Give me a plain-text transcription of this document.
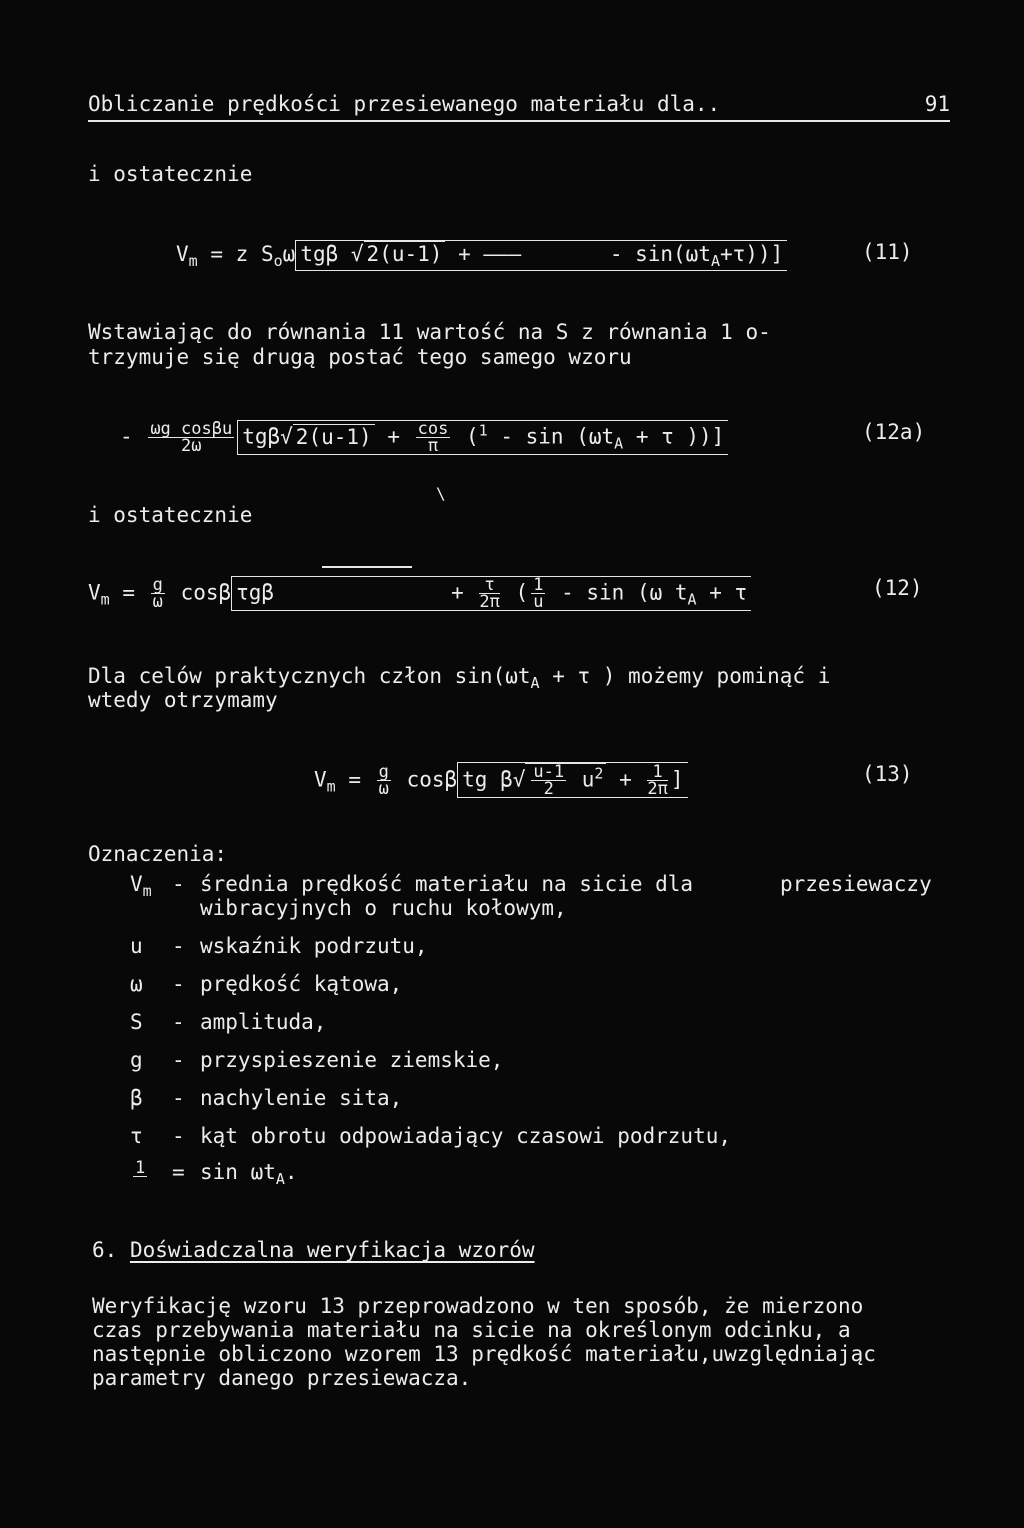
Obliczanie prędkości przesiewanego materiału dla..	91
i ostatecznie
$V_m = z$ $S_o\omega$ tgβ √ 2(u-1) + ———	- $\sin(\omega t_A+\tau)$)]	(11)
Wstawiając do równania 11 wartość na S z równania 1 o-
trzymuje się drugą postać tego samego wzoru
- $\frac{\text{ωg cosβu}}{2\omega} tg\beta√$ $2(u-1) + \frac{\cos}{\pi} (^1 - \sin (\omega t_A + \tau$ ))]	(12a)
i ostatecznie
\
$V_m = \frac{g}{\omega}$ cosβ τgβ	+ $\frac{\tau}{2\pi}$ ( $\frac{1}{u}$ - sin (ω $t_A + \tau$	(12)
Dla celów praktycznych człon $\sin(\omega t_A + \tau$ ) możemy pominąć i
wtedy otrzymamy
$V_m = \frac{g}{\omega}$ cosβ tg $\beta√ \frac{u-1}{2} u^2 + \frac{1}{2\pi}$ ]	(13)
Oznaczenia:
$V_m$ - średnia prędkość materiału na sicie dla	przesiewaczy
wibracyjnych o ruchu kołowym,
u	- wskaźnik podrzutu,
ω	- prędkość kątowa,
S	- amplituda,
g	- przyspieszenie ziemskie,
β	- nachylenie sita,
τ	- kąt obrotu odpowiadający czasowi podrzutu,
1
= $\sin \omega t_A$.
6. Doświadczalna weryfikacja wzorów
Weryfikację wzoru 13 przeprowadzono w ten sposób, że mierzono
czas przebywania materiału na sicie na określonym odcinku, a
następnie obliczono wzorem 13 prędkość materiału,uwzględniając
parametry danego przesiewacza.
